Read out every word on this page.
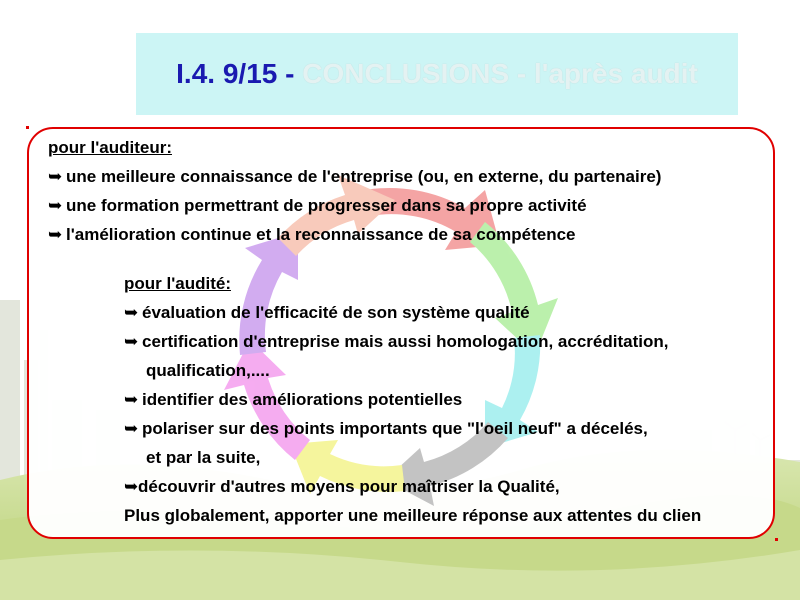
I.4. 9/15 - CONCLUSIONS - l'après audit
pour l'auditeur:
➥ une meilleure connaissance de l'entreprise (ou, en externe, du partenaire)
➥ une formation permettrant de progresser dans sa propre activité
➥ l'amélioration continue et la reconnaissance de sa compétence
pour l'audité:
➥ évaluation de l'efficacité de son système qualité
➥ certification d'entreprise mais aussi homologation, accréditation,
qualification,....
➥ identifier des améliorations potentielles
➥ polariser sur des points importants que "l'oeil neuf" a décelés,
et par la suite,
➥découvrir d'autres moyens pour maîtriser la Qualité,
Plus globalement, apporter une meilleure réponse aux attentes du clien
